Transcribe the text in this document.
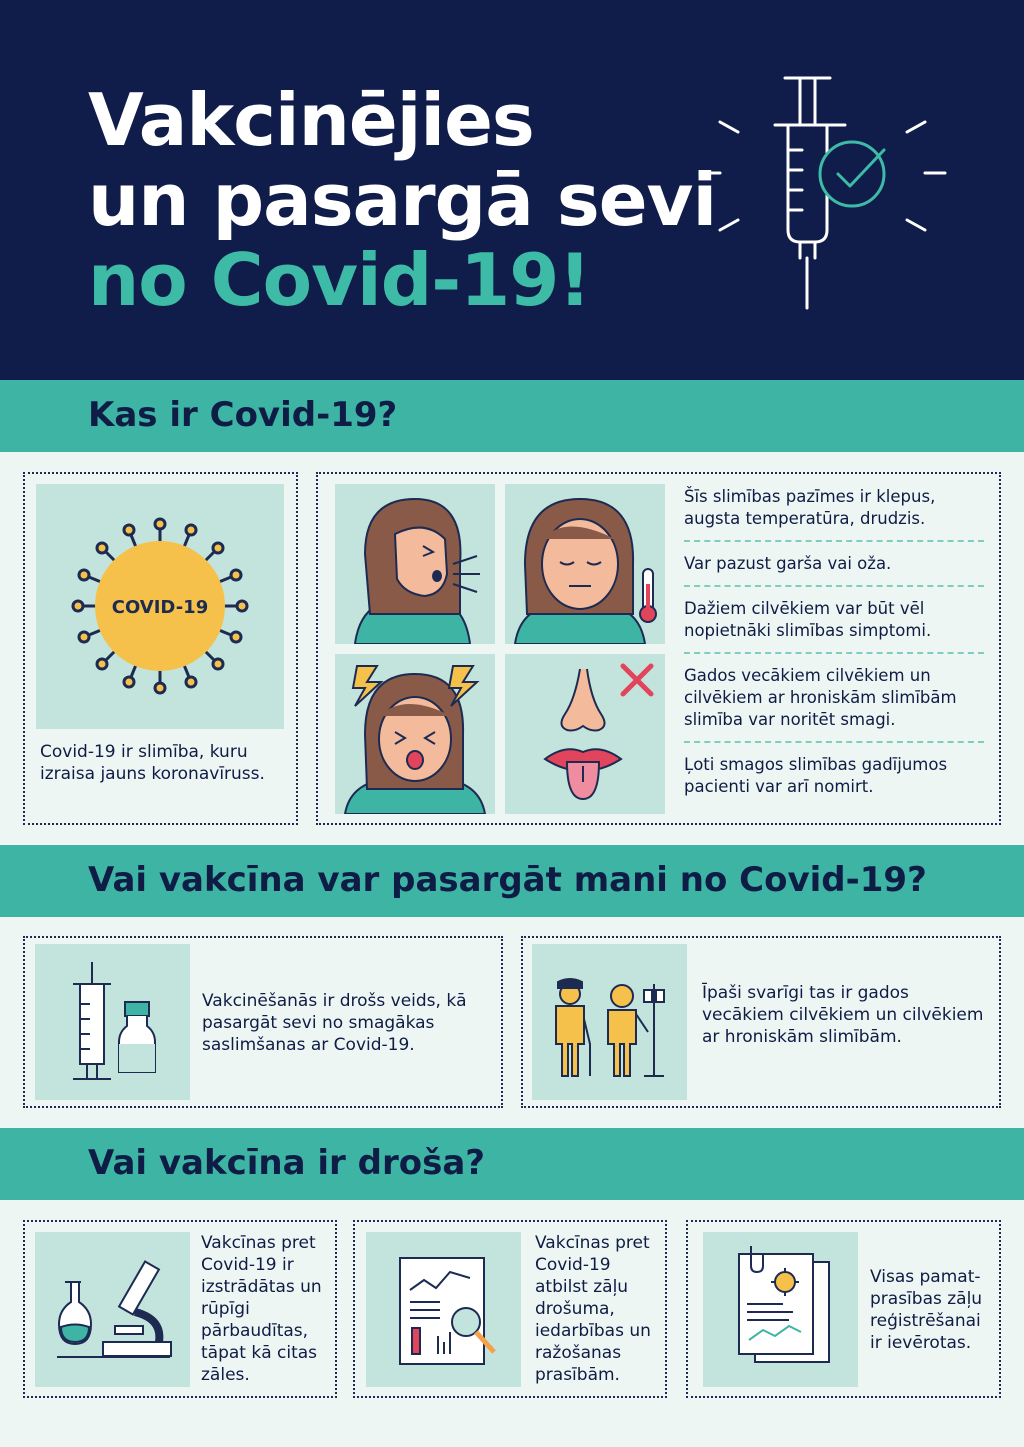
Vakcinējies
un pasargā sevi
no Covid-19!
Kas ir Covid-19?
COVID-19
Covid-19 ir slimība, kuru izraisa jauns koronavīruss.
Šīs slimības pazīmes ir klepus, augsta temperatūra, drudzis.
Var pazust garša vai oža.
Dažiem cilvēkiem var būt vēl nopietnāki slimības simptomi.
Gados vecākiem cilvēkiem un cilvēkiem ar hroniskām slimībām slimība var noritēt smagi.
Ļoti smagos slimības gadījumos pacienti var arī nomirt.
Vai vakcīna var pasargāt mani no Covid-19?
Vakcinēšanās ir drošs veids, kā pasargāt sevi no smagākas saslimšanas ar Covid-19.
Īpaši svarīgi tas ir gados vecākiem cilvēkiem un cilvēkiem ar hroniskām slimībām.
Vai vakcīna ir droša?
Vakcīnas pret Covid-19 ir izstrādātas un rūpīgi pārbaudītas, tāpat kā citas zāles.
Vakcīnas pret Covid-19 atbilst zāļu drošuma, iedarbības un ražošanas prasībām.
Visas pamat-prasības zāļu reģistrēšanai ir ievērotas.
